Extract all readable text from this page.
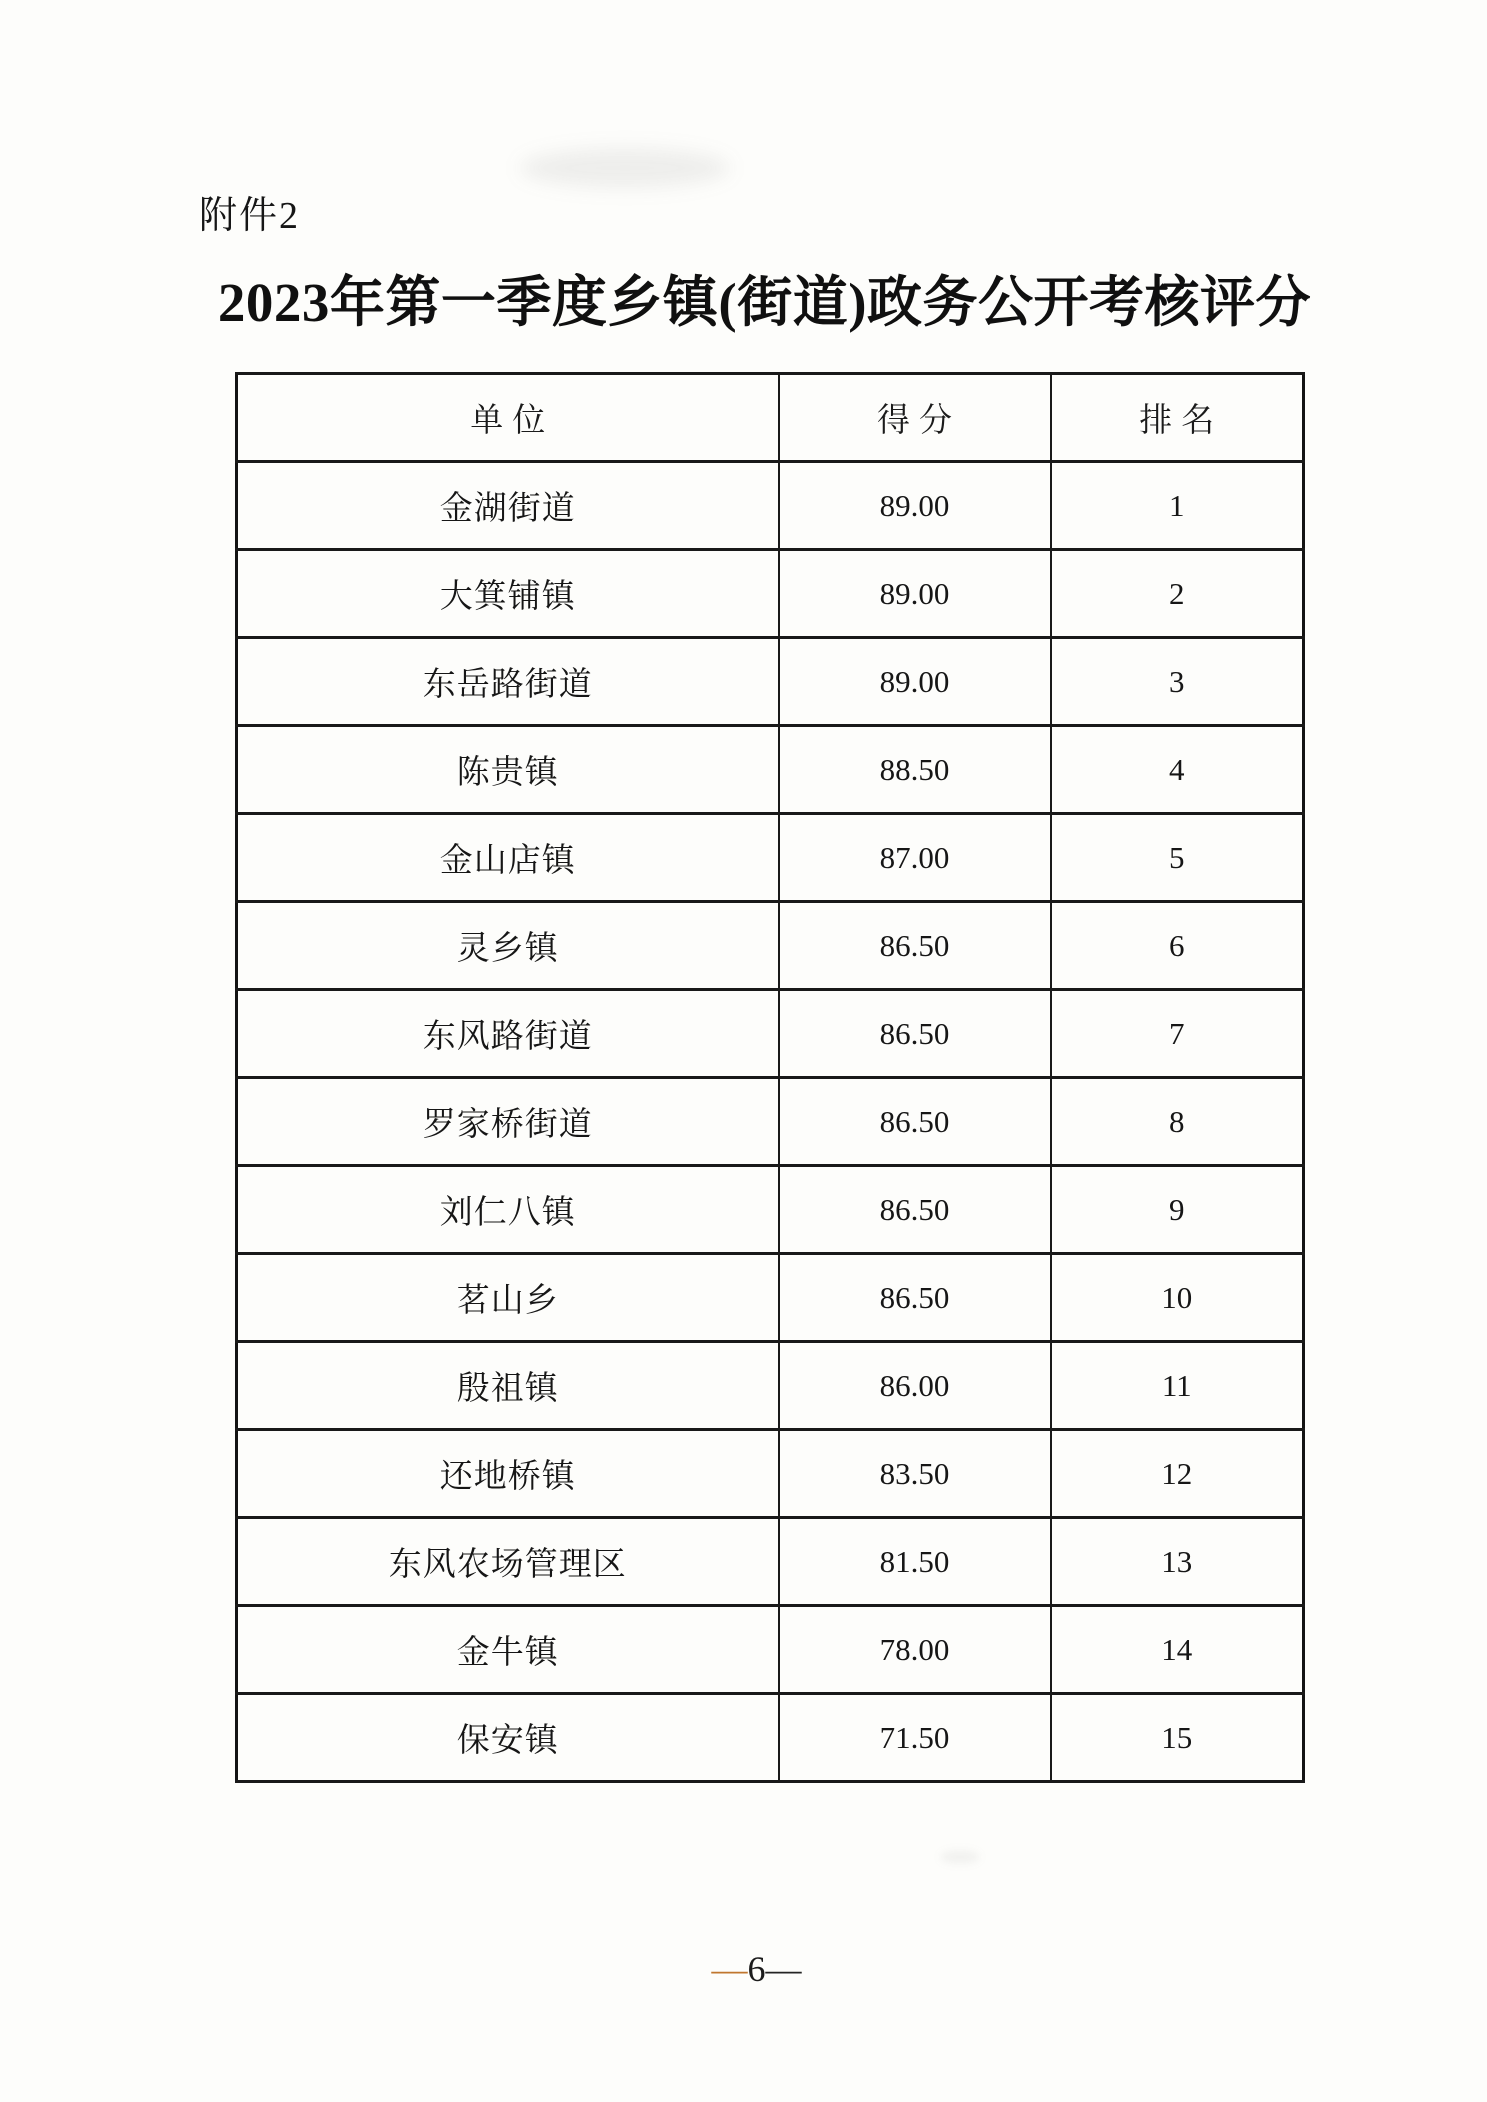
附件2
2023年第一季度乡镇(街道)政务公开考核评分
单位	得分	排名
金湖街道	89.00	1
大箕铺镇	89.00	2
东岳路街道	89.00	3
陈贵镇	88.50	4
金山店镇	87.00	5
灵乡镇	86.50	6
东风路街道	86.50	7
罗家桥街道	86.50	8
刘仁八镇	86.50	9
茗山乡	86.50	10
殷祖镇	86.00	11
还地桥镇	83.50	12
东风农场管理区	81.50	13
金牛镇	78.00	14
保安镇	71.50	15
—6—
